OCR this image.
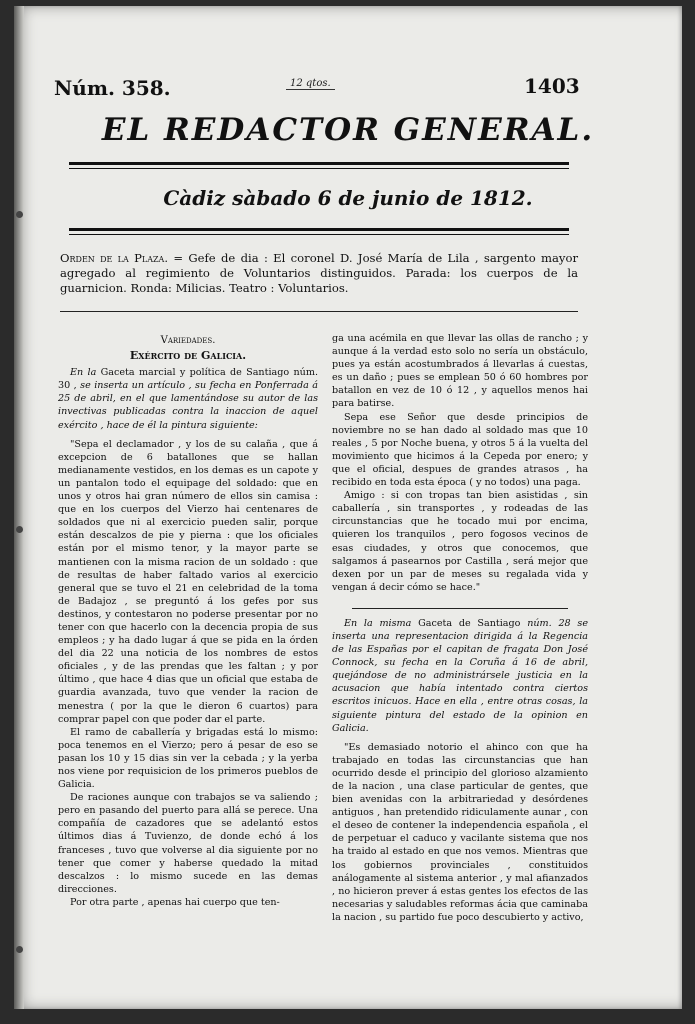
Núm. 358.	12 qtos.	1403
EL REDACTOR GENERAL.
Càdiz sàbado 6 de junio de 1812.
Orden de la Plaza. = Gefe de dia : El coronel D. José María de Lila , sargento mayor agregado al regimiento de Voluntarios distinguidos. Parada: los cuerpos de la guarnicion. Ronda: Milicias. Teatro : Voluntarios.
Variedades.
Exército de Galicia.

En la Gaceta marcial y política de Santiago núm. 30 , se inserta un artículo , su fecha en Ponferrada á 25 de abril, en el que lamentándose su autor de las invectivas publicadas contra la inaccion de aquel exército , hace de él la pintura siguiente:

"Sepa el declamador , y los de su calaña , que á excepcion de 6 batallones que se hallan medianamente vestidos, en los demas es un capote y un pantalon todo el equipage del soldado: que en unos y otros hai gran número de ellos sin camisa : que en los cuerpos del Vierzo hai centenares de soldados que ni al exercicio pueden salir, porque están descalzos de pie y pierna : que los oficiales están por el mismo tenor, y la mayor parte se mantienen con la misma racion de un soldado : que de resultas de haber faltado varios al exercicio general que se tuvo el 21 en celebridad de la toma de Badajoz , se preguntó á los gefes por sus destinos, y contestaron no poderse presentar por no tener con que hacerlo con la decencia propia de sus empleos ; y ha dado lugar á que se pida en la órden del dia 22 una noticia de los nombres de estos oficiales , y de las prendas que les faltan ; y por último , que hace 4 dias que un oficial que estaba de guardia avanzada, tuvo que vender la racion de menestra ( por la que le dieron 6 cuartos) para comprar papel con que poder dar el parte.

El ramo de caballería y brigadas está lo mismo: poca tenemos en el Vierzo; pero á pesar de eso se pasan los 10 y 15 dias sin ver la cebada ; y la yerba nos viene por requisicion de los primeros pueblos de Galicia.

De raciones aunque con trabajos se va saliendo ; pero en pasando del puerto para allá se perece. Una compañía de cazadores que se adelantó estos últimos dias á Tuvienzo, de donde echó á los franceses , tuvo que volverse al dia siguiente por no tener que comer y haberse quedado la mitad descalzos : lo mismo sucede en las demas direcciones.

Por otra parte , apenas hai cuerpo que ten-

ga una acémila en que llevar las ollas de rancho ; y aunque á la verdad esto solo no sería un obstáculo, pues ya están acostumbrados á llevarlas á cuestas, es un daño ; pues se emplean 50 ó 60 hombres por batallon en vez de 10 ó 12 , y aquellos menos hai para batirse.

Sepa ese Señor que desde principios de noviembre no se han dado al soldado mas que 10 reales , 5 por Noche buena, y otros 5 á la vuelta del movimiento que hicimos á la Cepeda por enero; y que el oficial, despues de grandes atrasos , ha recibido en toda esta época ( y no todos) una paga.

Amigo : si con tropas tan bien asistidas , sin caballería , sin transportes , y rodeadas de las circunstancias que he tocado mui por encima, quieren los tranquilos , pero fogosos vecinos de esas ciudades, y otros que conocemos, que salgamos á pasearnos por Castilla , será mejor que dexen por un par de meses su regalada vida y vengan á decir cómo se hace."

En la misma Gaceta de Santiago núm. 28 se inserta una representacion dirigida á la Regencia de las Españas por el capitan de fragata Don José Connock, su fecha en la Coruña á 16 de abril, quejándose de no administrársele justicia en la acusacion que había intentado contra ciertos escritos inicuos. Hace en ella , entre otras cosas, la siguiente pintura del estado de la opinion en Galicia.

"Es demasiado notorio el ahinco con que ha trabajado en todas las circunstancias que han ocurrido desde el principio del glorioso alzamiento de la nacion , una clase particular de gentes, que bien avenidas con la arbitrariedad y desórdenes antiguos , han pretendido ridiculamente aunar , con el deseo de contener la independencia española , el de perpetuar el caduco y vacilante sistema que nos ha traido al estado en que nos vemos. Mientras que los gobiernos provinciales , constituidos análogamente al sistema anterior , y mal afianzados , no hicieron prever á estas gentes los efectos de las necesarias y saludables reformas ácia que caminaba la nacion , su partido fue poco descubierto y activo,
